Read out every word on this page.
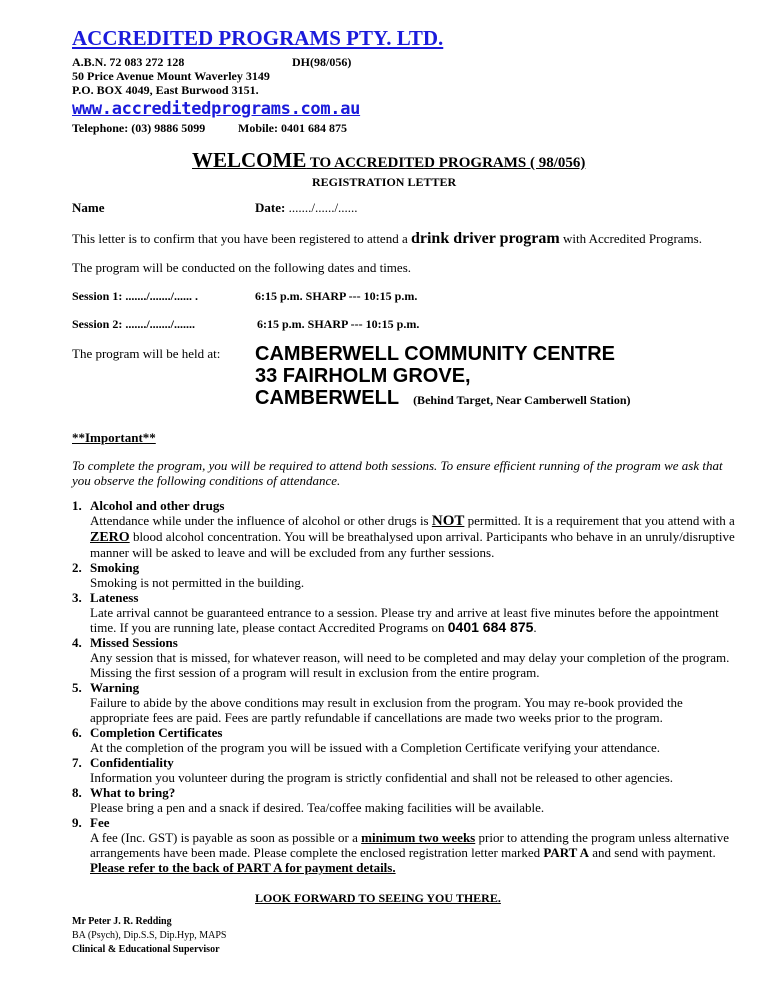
ACCREDITED PROGRAMS PTY. LTD.
A.B.N. 72 083 272 128	DH(98/056)
50 Price Avenue Mount Waverley 3149
P.O. BOX 4049, East Burwood 3151.
www.accreditedprograms.com.au
Telephone: (03) 9886 5099	Mobile: 0401 684 875
WELCOME TO ACCREDITED PROGRAMS ( 98/056)
REGISTRATION LETTER
Name	Date: ......./....../......
This letter is to confirm that you have been registered to attend a drink driver program with Accredited Programs.
The program will be conducted on the following dates and times.
Session 1: ......./......./...... .	6:15 p.m. SHARP --- 10:15 p.m.
Session 2: ......./......./.......	6:15 p.m. SHARP --- 10:15 p.m.
The program will be held at: CAMBERWELL COMMUNITY CENTRE
33 FAIRHOLM GROVE,
CAMBERWELL (Behind Target, Near Camberwell Station)
**Important**
To complete the program, you will be required to attend both sessions. To ensure efficient running of the program we ask that you observe the following conditions of attendance.
1. Alcohol and other drugs
Attendance while under the influence of alcohol or other drugs is NOT permitted. It is a requirement that you attend with a ZERO blood alcohol concentration. You will be breathalysed upon arrival. Participants who behave in an unruly/disruptive manner will be asked to leave and will be excluded from any further sessions.
2. Smoking
Smoking is not permitted in the building.
3. Lateness
Late arrival cannot be guaranteed entrance to a session. Please try and arrive at least five minutes before the appointment time. If you are running late, please contact Accredited Programs on 0401 684 875.
4. Missed Sessions
Any session that is missed, for whatever reason, will need to be completed and may delay your completion of the program. Missing the first session of a program will result in exclusion from the entire program.
5. Warning
Failure to abide by the above conditions may result in exclusion from the program. You may re-book provided the appropriate fees are paid. Fees are partly refundable if cancellations are made two weeks prior to the program.
6. Completion Certificates
At the completion of the program you will be issued with a Completion Certificate verifying your attendance.
7. Confidentiality
Information you volunteer during the program is strictly confidential and shall not be released to other agencies.
8. What to bring?
Please bring a pen and a snack if desired. Tea/coffee making facilities will be available.
9. Fee
A fee (Inc. GST) is payable as soon as possible or a minimum two weeks prior to attending the program unless alternative arrangements have been made. Please complete the enclosed registration letter marked PART A and send with payment. Please refer to the back of PART A for payment details.
LOOK FORWARD TO SEEING YOU THERE.
Mr Peter J. R. Redding
BA (Psych), Dip.S.S, Dip.Hyp, MAPS
Clinical & Educational Supervisor
